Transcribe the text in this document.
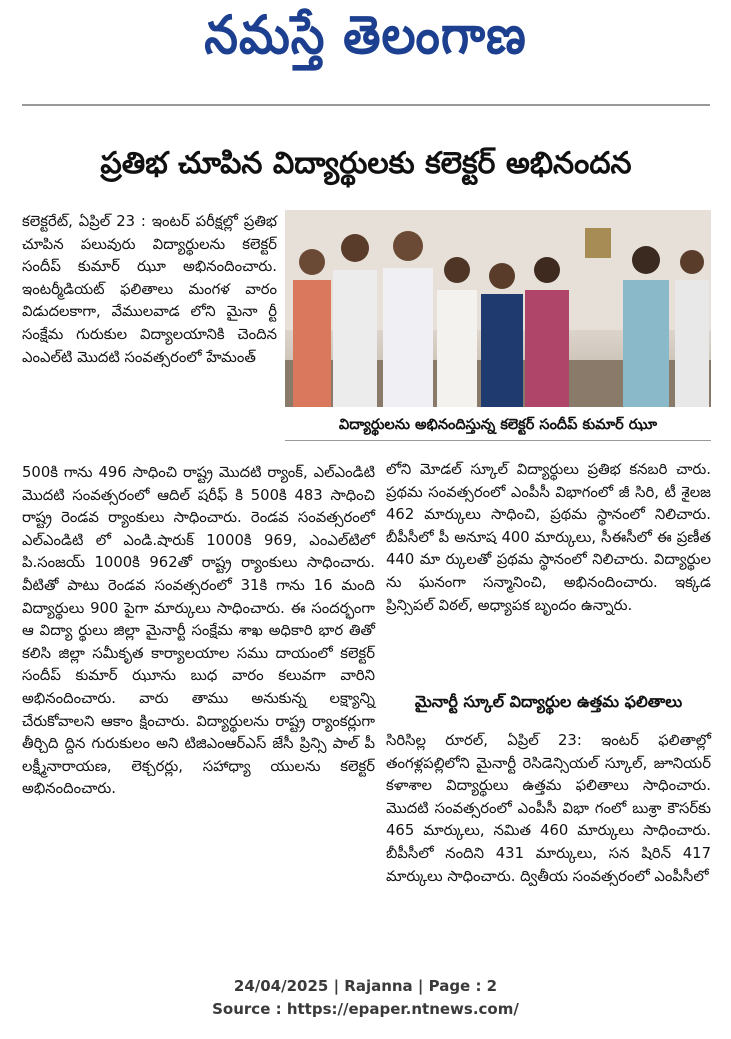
నమస్తే తెలంగాణ
ప్రతిభ చూపిన విద్యార్థులకు కలెక్టర్ అభినందన

కలెక్టరేట్, ఏప్రిల్ 23 : ఇంటర్ పరీక్షల్లో ప్రతిభ చూపిన పలువురు విద్యార్థులను కలెక్టర్ సందీప్ కుమార్ ఝూ అభినందించారు. ఇంటర్మీడియట్ ఫలితాలు మంగళ వారం విడుదలకాగా, వేములవాడ లోని మైనా ర్టీ సంక్షేమ గురుకుల విద్యాలయానికి చెందిన ఎంఎల్‌టి మొదటి సంవత్సరంలో హేమంత్

విద్యార్థులను అభినందిస్తున్న కలెక్టర్ సందీప్ కుమార్ ఝూ

500కి గాను 496 సాధించి రాష్ట్ర మొదటి ర్యాంక్, ఎల్ఎండిటి మొదటి సంవత్సరంలో ఆదిల్ షరీఫ్ కి 500కి 483 సాధించి రాష్ట్ర రెండవ ర్యాంకులు సాధించారు. రెండవ సంవత్సరంలో ఎల్ఎండిటి లో ఎండి.షారుక్ 1000కి 969, ఎంఎల్‌టిలో పి.సంజయ్ 1000కి 962తో రాష్ట్ర ర్యాంకులు సాధించారు. వీటితో పాటు రెండవ సంవత్సరంలో 31కి గాను 16 మంది విద్యార్థులు 900 పైగా మార్కులు సాధించారు. ఈ సందర్భంగా ఆ విద్యా ర్థులు జిల్లా మైనార్టీ సంక్షేమ శాఖ అధికారి భార తితో కలిసి జిల్లా సమీకృత కార్యాలయాల సము దాయంలో కలెక్టర్ సందీప్ కుమార్ ఝూను బుధ వారం కలువగా వారిని అభినందించారు. వారు తాము అనుకున్న లక్ష్యాన్ని చేరుకోవాలని ఆకాం క్షించారు. విద్యార్థులను రాష్ట్ర ర్యాంకర్లుగా తీర్చిది ద్దిన గురుకులం అని టిజిఎంఆర్ఎస్ జేసీ ప్రిన్సి పాల్ పీ లక్ష్మీనారాయణ, లెక్చరర్లు, సహాధ్యా యులను కలెక్టర్ అభినందించారు.

లోని మోడల్ స్కూల్ విద్యార్థులు ప్రతిభ కనబరి చారు. ప్రథమ సంవత్సరంలో ఎంపీసీ విభాగంలో జీ సిరి, టీ శైలజ 462 మార్కులు సాధించి, ప్రథమ స్థానంలో నిలిచారు. బీపీసీలో పీ అనూష 400 మార్కులు, సీఈసీలో ఈ ప్రణీత 440 మా ర్కులతో ప్రథమ స్థానంలో నిలిచారు. విద్యార్థుల ను ఘనంగా సన్మానించి, అభినందించారు. ఇక్కడ ప్రిన్సిపల్ విఠల్, అధ్యాపక బృందం ఉన్నారు.

మైనార్టీ స్కూల్ విద్యార్థుల ఉత్తమ ఫలితాలు

సిరిసిల్ల రూరల్, ఏప్రిల్ 23: ఇంటర్ ఫలితాల్లో తంగళ్లపల్లిలోని మైనార్టీ రెసిడెన్సియల్ స్కూల్, జూనియర్ కళాశాల విద్యార్థులు ఉత్తమ ఫలితాలు సాధించారు. మొదటి సంవత్సరంలో ఎంపీసీ విభా గంలో బుశ్రా కౌసర్‌కు 465 మార్కులు, నమిత 460 మార్కులు సాధించారు. బీపీసీలో నందిని 431 మార్కులు, సన షిరిన్ 417 మార్కులు సాధించారు. ద్వితీయ సంవత్సరంలో ఎంపీసీలో

24/04/2025 | Rajanna | Page : 2
Source : https://epaper.ntnews.com/
